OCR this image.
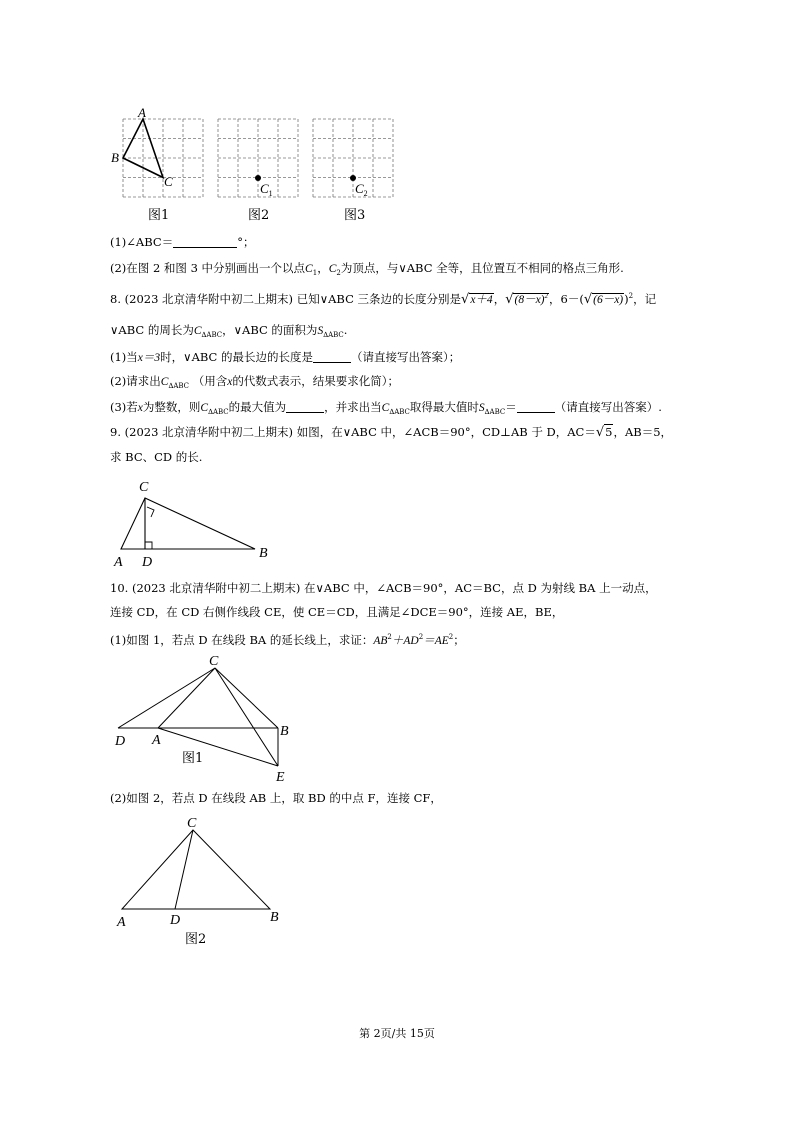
A
B
C	$C_1$	$C_2$
图1	图2	图3
(1)∠ABC＝	°；
(2)在图 2 和图 3 中分别画出一个以点$C_1$，$C_2$为顶点，与∨ABC 全等，且位置互不相同的格点三角形.
8. (2023 北京清华附中初二上期末) 已知∨ABC 三条边的长度分别是√x＋4，$√(8-x)^2$，$6-(√(6-x))^2$，记
∨ABC 的周长为$C_{\Delta ABC}$，∨ABC 的面积为$S_{\Delta ABC}$.
(1)当x＝3时，∨ABC 的最长边的长度是	（请直接写出答案）；
(2)请求出$C_{\Delta ABC}$ （用含x的代数式表示，结果要求化简）；
(3)若x为整数，则$C_{\Delta ABC}$的最大值为	，并求出当$C_{\Delta ABC}$取得最大值时$S_{\Delta ABC}=$	（请直接写出答案）.
9. (2023 北京清华附中初二上期末) 如图，在∨ABC 中，∠ACB＝90°，CD⊥AB 于 D，AC＝√5，AB＝5，
求 BC、CD 的长.
C
A D
B
10. (2023 北京清华附中初二上期末) 在∨ABC 中，∠ACB＝90°，AC＝BC，点 D 为射线 BA 上一动点，
连接 CD，在 CD 右侧作线段 CE，使 CE＝CD，且满足∠DCE＝90°，连接 AE，BE，
(1)如图 1，若点 D 在线段 BA 的延长线上，求证：$AB^2+AD^2=AE^2$；
C
D A
B
E
图1
(2)如图 2，若点 D 在线段 AB 上，取 BD 的中点 F，连接 CF，
C
A	D	B
图2
第 2页/共 15页
